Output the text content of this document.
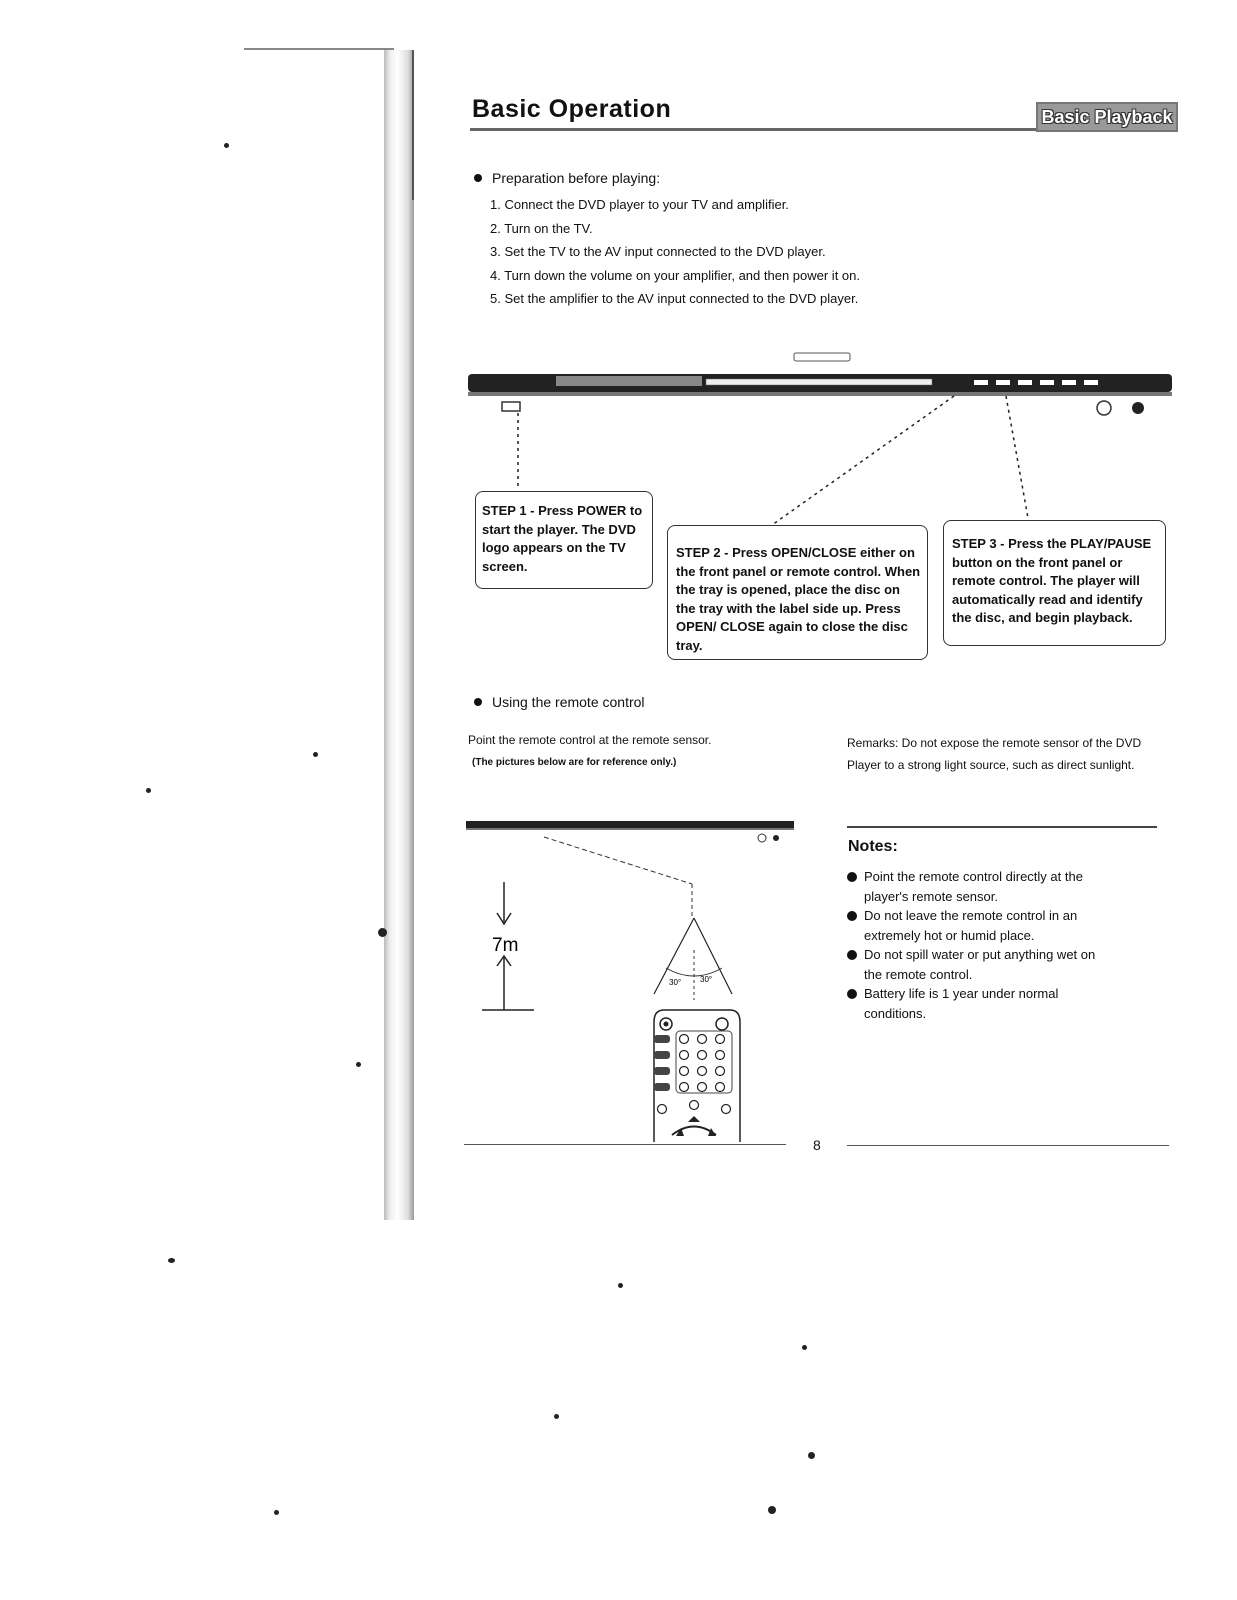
Basic Operation	Basic Playback
Preparation before playing:
1. Connect the DVD player to your TV and amplifier.
2. Turn on the TV.
3. Set the TV to the AV input connected to the DVD player.
4. Turn down the volume on your amplifier, and then power it on.
5. Set the amplifier to the AV input connected to the DVD player.
STEP 1 - Press POWER to start the player. The DVD logo appears on the TV screen.
STEP 2 - Press OPEN/CLOSE either on the front panel or remote control. When the tray is opened, place the disc on the tray with the label side up. Press OPEN/ CLOSE again to close the disc tray.
STEP 3 - Press the PLAY/PAUSE button on the front panel or remote control. The player will automatically read and identify the disc, and begin playback.
Using the remote control
Point the remote control at the remote sensor.
(The pictures below are for reference only.)
Remarks: Do not expose the remote sensor of the DVD Player to a strong light source, such as direct sunlight.
7m
30° 30°
Notes:
Point the remote control directly at the player's remote sensor.
Do not leave the remote control in an extremely hot or humid place.
Do not spill water or put anything wet on the remote control.
Battery life is 1 year under normal conditions.
8
